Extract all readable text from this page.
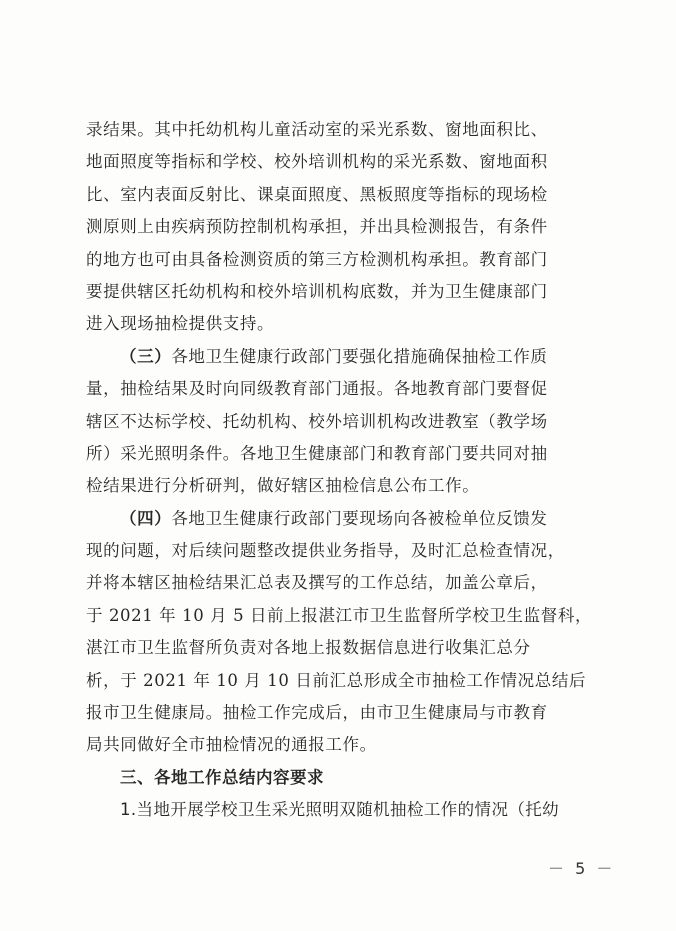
录结果。其中托幼机构儿童活动室的采光系数、窗地面积比、
地面照度等指标和学校、校外培训机构的采光系数、窗地面积
比、室内表面反射比、课桌面照度、黑板照度等指标的现场检
测原则上由疾病预防控制机构承担，并出具检测报告，有条件
的地方也可由具备检测资质的第三方检测机构承担。教育部门
要提供辖区托幼机构和校外培训机构底数，并为卫生健康部门
进入现场抽检提供支持。
（三）各地卫生健康行政部门要强化措施确保抽检工作质
量，抽检结果及时向同级教育部门通报。各地教育部门要督促
辖区不达标学校、托幼机构、校外培训机构改进教室（教学场
所）采光照明条件。各地卫生健康部门和教育部门要共同对抽
检结果进行分析研判，做好辖区抽检信息公布工作。
（四）各地卫生健康行政部门要现场向各被检单位反馈发
现的问题，对后续问题整改提供业务指导，及时汇总检查情况，
并将本辖区抽检结果汇总表及撰写的工作总结，加盖公章后，
于 2021 年 10 月 5 日前上报湛江市卫生监督所学校卫生监督科，
湛江市卫生监督所负责对各地上报数据信息进行收集汇总分
析，于 2021 年 10 月 10 日前汇总形成全市抽检工作情况总结后
报市卫生健康局。抽检工作完成后，由市卫生健康局与市教育
局共同做好全市抽检情况的通报工作。
三、各地工作总结内容要求
1.当地开展学校卫生采光照明双随机抽检工作的情况（托幼
－ 5 －
